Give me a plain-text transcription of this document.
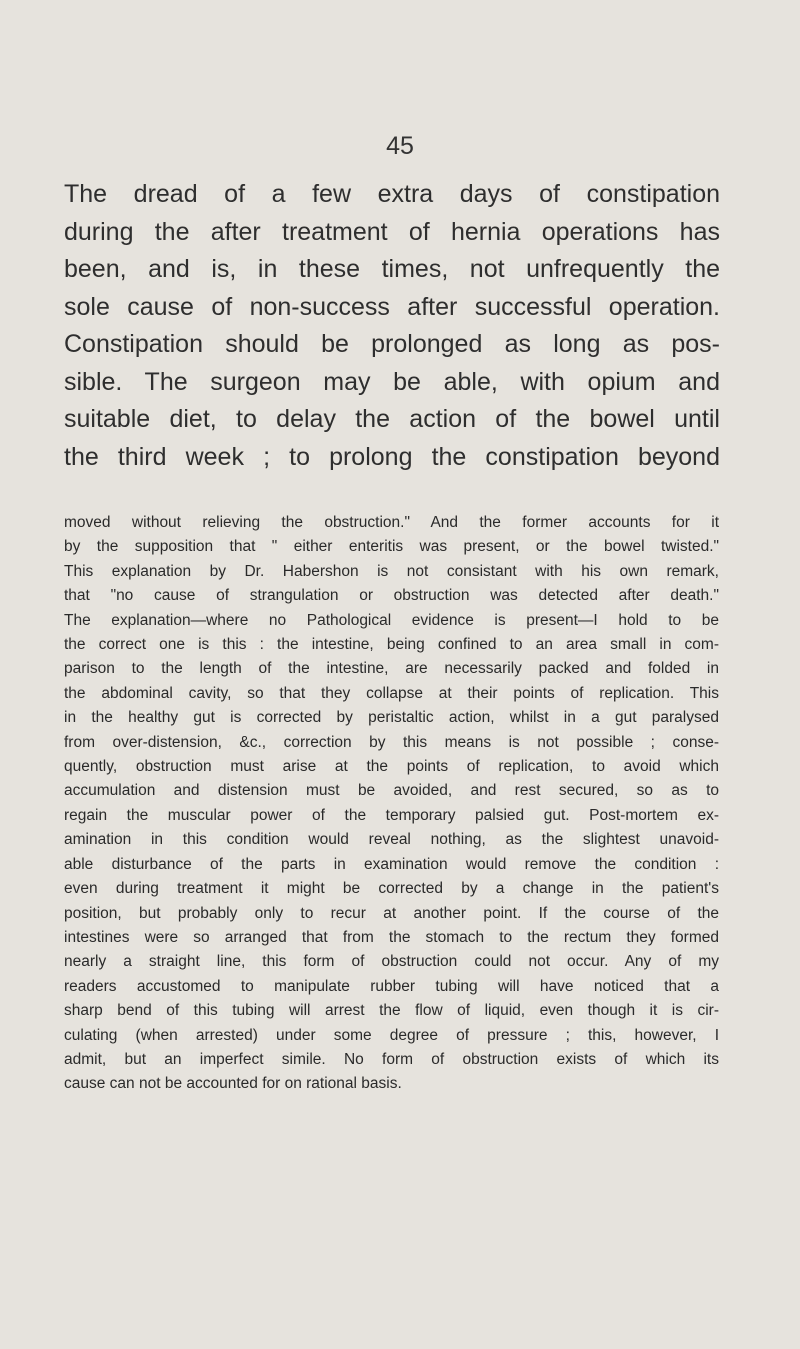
45
The dread of a few extra days of constipation
during the after treatment of hernia operations has
been, and is, in these times, not unfrequently the
sole cause of non-success after successful operation.
Constipation should be prolonged as long as pos-
sible. The surgeon may be able, with opium and
suitable diet, to delay the action of the bowel until
the third week ; to prolong the constipation beyond
moved without relieving the obstruction." And the former accounts for it
by the supposition that " either enteritis was present, or the bowel twisted."
This explanation by Dr. Habershon is not consistant with his own remark,
that "no cause of strangulation or obstruction was detected after death."
The explanation—where no Pathological evidence is present—I hold to be
the correct one is this : the intestine, being confined to an area small in com-
parison to the length of the intestine, are necessarily packed and folded in
the abdominal cavity, so that they collapse at their points of replication. This
in the healthy gut is corrected by peristaltic action, whilst in a gut paralysed
from over-distension, &c., correction by this means is not possible ; conse-
quently, obstruction must arise at the points of replication, to avoid which
accumulation and distension must be avoided, and rest secured, so as to
regain the muscular power of the temporary palsied gut. Post-mortem ex-
amination in this condition would reveal nothing, as the slightest unavoid-
able disturbance of the parts in examination would remove the condition :
even during treatment it might be corrected by a change in the patient's
position, but probably only to recur at another point. If the course of the
intestines were so arranged that from the stomach to the rectum they formed
nearly a straight line, this form of obstruction could not occur. Any of my
readers accustomed to manipulate rubber tubing will have noticed that a
sharp bend of this tubing will arrest the flow of liquid, even though it is cir-
culating (when arrested) under some degree of pressure ; this, however, I
admit, but an imperfect simile. No form of obstruction exists of which its
cause can not be accounted for on rational basis.
